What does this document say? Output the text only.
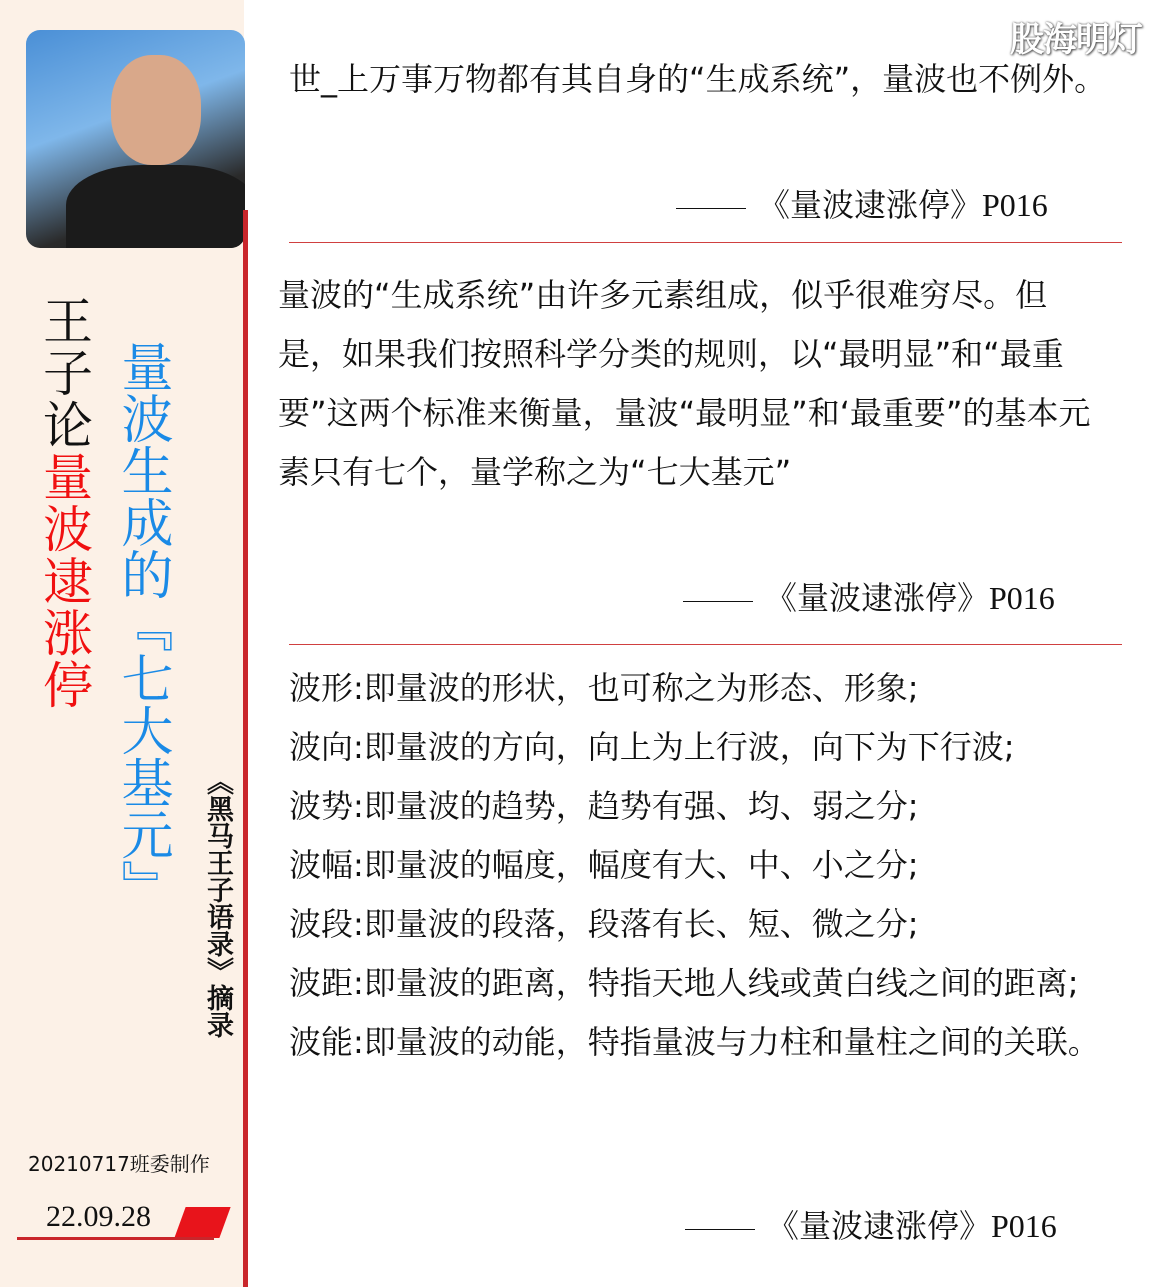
王子论量波逮涨停 量波生成的『七大基元』 《黑马王子语录》摘录
20210717班委制作
22.09.28
股海明灯

世_上万事万物都有其自身的“生成系统”，量波也不例外。

《量波逮涨停》P016

量波的“生成系统”由许多元素组成，似乎很难穷尽。但是，如果我们按照科学分类的规则，以“最明显”和“最重要”这两个标准来衡量，量波“最明显”和‘最重要”的基本元素只有七个，量学称之为“七大基元”

《量波逮涨停》P016
波形:即量波的形状，也可称之为形态、形象;
波向:即量波的方向，向上为上行波，向下为下行波;
波势:即量波的趋势，趋势有强、均、弱之分;
波幅:即量波的幅度，幅度有大、中、小之分;
波段:即量波的段落，段落有长、短、微之分;
波距:即量波的距离，特指天地人线或黄白线之间的距离;
波能:即量波的动能，特指量波与力柱和量柱之间的关联。
《量波逮涨停》P016
